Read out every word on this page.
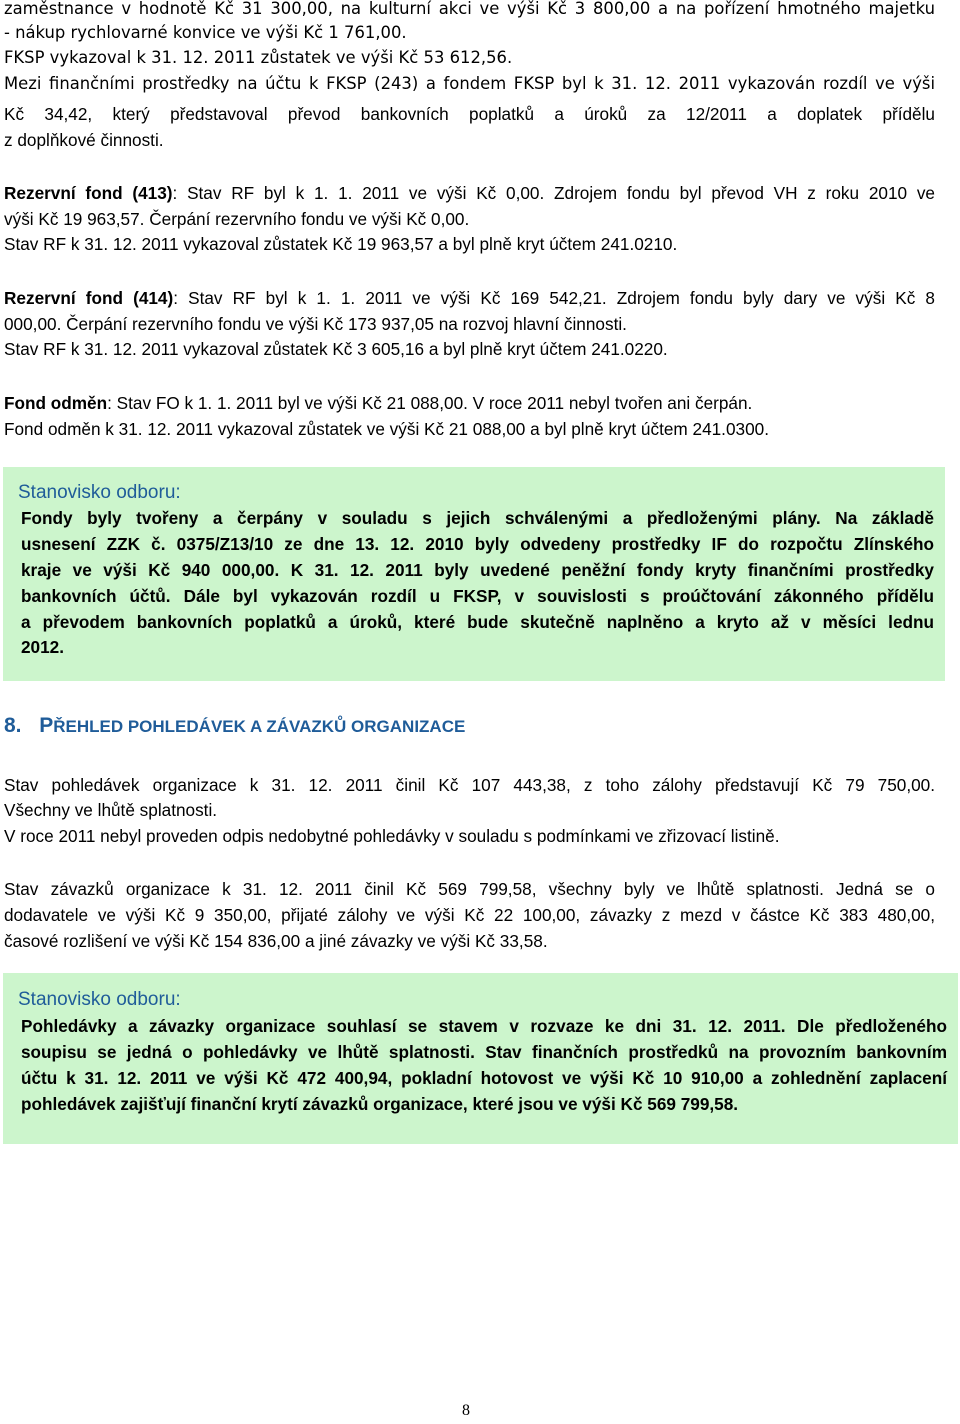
zaměstnance v hodnotě Kč 31 300,00, na kulturní akci ve výši Kč 3 800,00 a na pořízení hmotného majetku
- nákup rychlovarné konvice ve výši Kč 1 761,00.
FKSP vykazoval k 31. 12. 2011 zůstatek ve výši Kč 53 612,56.
Mezi finančními prostředky na účtu k FKSP (243) a fondem FKSP byl k 31. 12. 2011 vykazován rozdíl ve výši
Kč 34,42, který představoval převod bankovních poplatků a úroků za 12/2011 a doplatek přídělu
z doplňkové činnosti.
Rezervní fond (413): Stav RF byl k 1. 1. 2011 ve výši Kč 0,00. Zdrojem fondu byl převod VH z roku 2010 ve
výši Kč 19 963,57. Čerpání rezervního fondu ve výši Kč 0,00.
Stav RF k 31. 12. 2011 vykazoval zůstatek Kč 19 963,57 a byl plně kryt účtem 241.0210.
Rezervní fond (414): Stav RF byl k 1. 1. 2011 ve výši Kč 169 542,21. Zdrojem fondu byly dary ve výši Kč 8
000,00. Čerpání rezervního fondu ve výši Kč 173 937,05 na rozvoj hlavní činnosti.
Stav RF k 31. 12. 2011 vykazoval zůstatek Kč 3 605,16 a byl plně kryt účtem 241.0220.
Fond odměn: Stav FO k 1. 1. 2011 byl ve výši Kč 21 088,00. V roce 2011 nebyl tvořen ani čerpán.
Fond odměn k 31. 12. 2011 vykazoval zůstatek ve výši Kč 21 088,00 a byl plně kryt účtem 241.0300.
Stanovisko odboru:
Fondy byly tvořeny a čerpány v souladu s jejich schválenými a předloženými plány. Na základě
usnesení ZZK č. 0375/Z13/10 ze dne 13. 12. 2010 byly odvedeny prostředky IF do rozpočtu Zlínského
kraje ve výši Kč 940 000,00. K 31. 12. 2011 byly uvedené peněžní fondy kryty finančními prostředky
bankovních účtů. Dále byl vykazován rozdíl u FKSP, v souvislosti s proúčtování zákonného přídělu
a převodem bankovních poplatků a úroků, které bude skutečně naplněno a kryto až v měsíci lednu
2012.
8. PŘEHLED POHLEDÁVEK A ZÁVAZKŮ ORGANIZACE
Stav pohledávek organizace k 31. 12. 2011 činil Kč 107 443,38, z toho zálohy představují Kč 79 750,00.
Všechny ve lhůtě splatnosti.
V roce 2011 nebyl proveden odpis nedobytné pohledávky v souladu s podmínkami ve zřizovací listině.
Stav závazků organizace k 31. 12. 2011 činil Kč 569 799,58, všechny byly ve lhůtě splatnosti. Jedná se o
dodavatele ve výši Kč 9 350,00, přijaté zálohy ve výši Kč 22 100,00, závazky z mezd v částce Kč 383 480,00,
časové rozlišení ve výši Kč 154 836,00 a jiné závazky ve výši Kč 33,58.
Stanovisko odboru:
Pohledávky a závazky organizace souhlasí se stavem v rozvaze ke dni 31. 12. 2011. Dle předloženého
soupisu se jedná o pohledávky ve lhůtě splatnosti. Stav finančních prostředků na provozním bankovním
účtu k 31. 12. 2011 ve výši Kč 472 400,94, pokladní hotovost ve výši Kč 10 910,00 a zohlednění zaplacení
pohledávek zajišťují finanční krytí závazků organizace, které jsou ve výši Kč 569 799,58.
8
